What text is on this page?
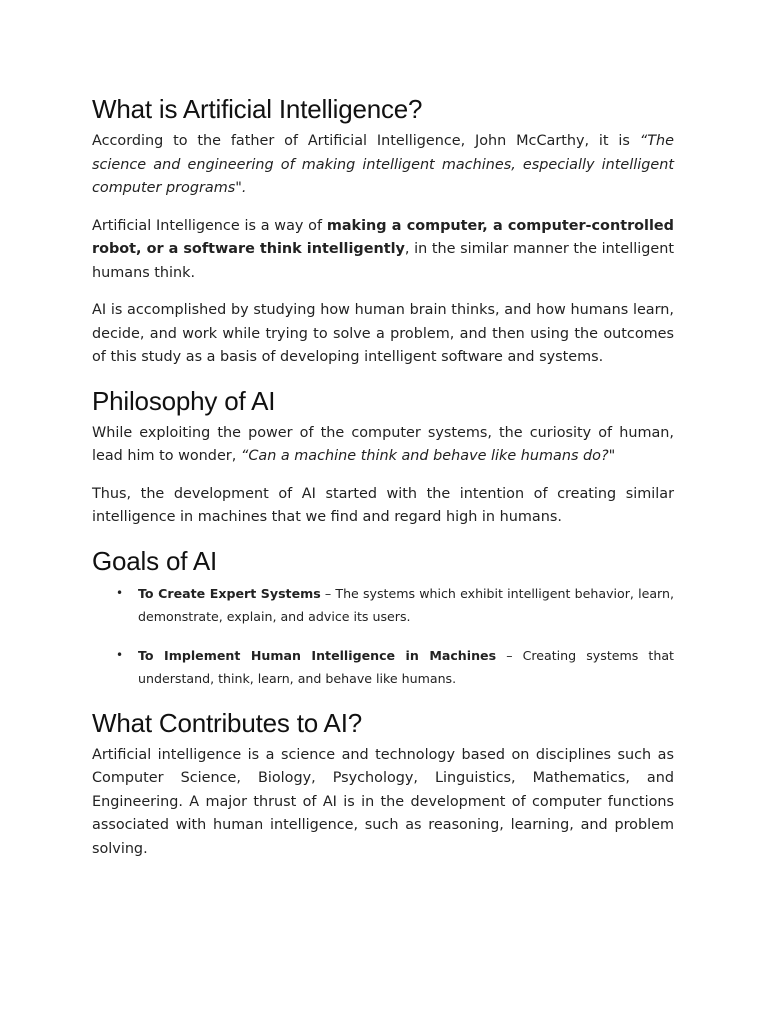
What is Artificial Intelligence?

According to the father of Artificial Intelligence, John McCarthy, it is “The science and engineering of making intelligent machines, especially intelligent computer programs".

Artificial Intelligence is a way of making a computer, a computer-controlled robot, or a software think intelligently, in the similar manner the intelligent humans think.

AI is accomplished by studying how human brain thinks, and how humans learn, decide, and work while trying to solve a problem, and then using the outcomes of this study as a basis of developing intelligent software and systems.

Philosophy of AI

While exploiting the power of the computer systems, the curiosity of human, lead him to wonder, “Can a machine think and behave like humans do?"

Thus, the development of AI started with the intention of creating similar intelligence in machines that we find and regard high in humans.

Goals of AI
• To Create Expert Systems – The systems which exhibit intelligent behavior, learn, demonstrate, explain, and advice its users.
• To Implement Human Intelligence in Machines – Creating systems that understand, think, learn, and behave like humans.
What Contributes to AI?

Artificial intelligence is a science and technology based on disciplines such as Computer Science, Biology, Psychology, Linguistics, Mathematics, and Engineering. A major thrust of AI is in the development of computer functions associated with human intelligence, such as reasoning, learning, and problem solving.
